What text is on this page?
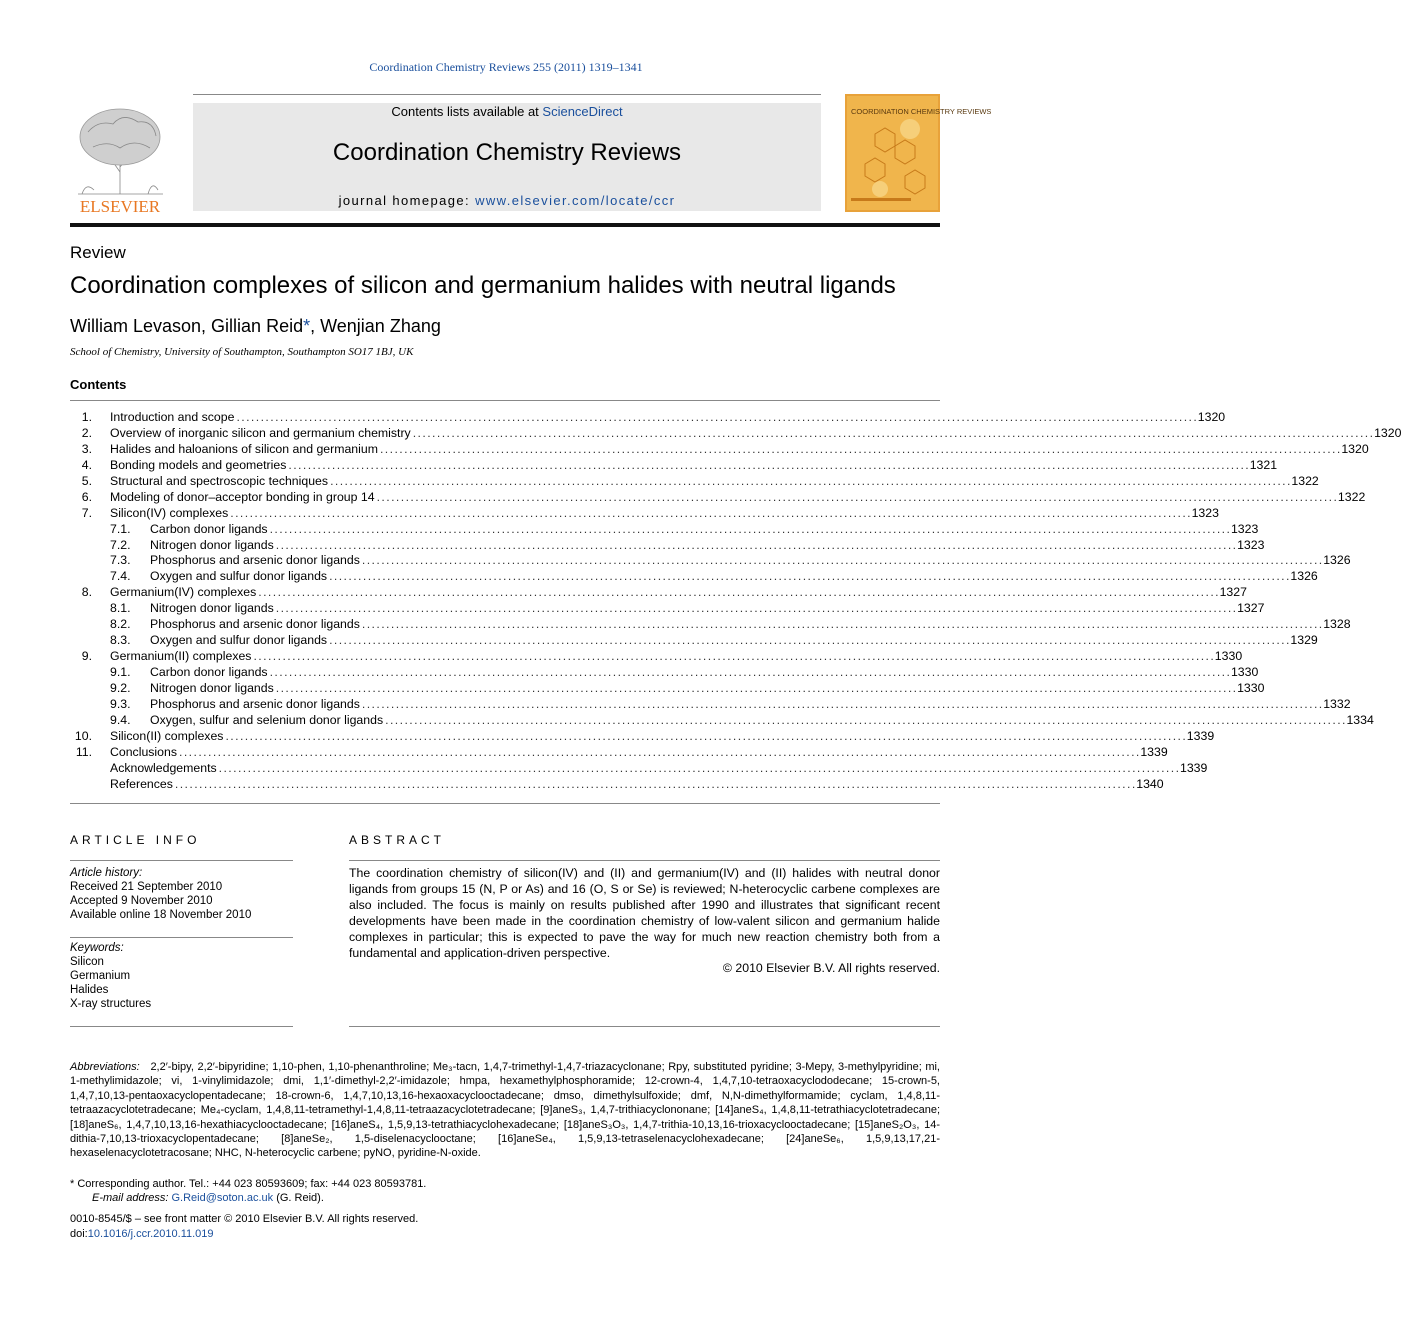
Coordination Chemistry Reviews 255 (2011) 1319–1341
ELSEVIER
Contents lists available at ScienceDirect
Coordination Chemistry Reviews
journal homepage: www.elsevier.com/locate/ccr
COORDINATION CHEMISTRY REVIEWS
Review
Coordination complexes of silicon and germanium halides with neutral ligands
William Levason, Gillian Reid*, Wenjian Zhang
School of Chemistry, University of Southampton, Southampton SO17 1BJ, UK
Contents
1. Introduction and scope . . .	1320
2. Overview of inorganic silicon and germanium chemistry . . .	1320
3. Halides and haloanions of silicon and germanium . . .	1320
4. Bonding models and geometries . . .	1321
5. Structural and spectroscopic techniques . . .	1322
6. Modeling of donor–acceptor bonding in group 14 . . .	1322
7. Silicon(IV) complexes . . .	1323
7.1. Carbon donor ligands . . .	1323
7.2. Nitrogen donor ligands . . .	1323
7.3. Phosphorus and arsenic donor ligands . . .	1326
7.4. Oxygen and sulfur donor ligands . . .	1326
8. Germanium(IV) complexes . . .	1327
8.1. Nitrogen donor ligands . . .	1327
8.2. Phosphorus and arsenic donor ligands . . .	1328
8.3. Oxygen and sulfur donor ligands . . .	1329
9. Germanium(II) complexes . . .	1330
9.1. Carbon donor ligands . . .	1330
9.2. Nitrogen donor ligands . . .	1330
9.3. Phosphorus and arsenic donor ligands . . .	1332
9.4. Oxygen, sulfur and selenium donor ligands . . .	1334
10. Silicon(II) complexes . . .	1339
11. Conclusions . . .	1339
Acknowledgements . . .	1339
References . . .	1340
ARTICLE INFO	ABSTRACT
Article history:
Received 21 September 2010
Accepted 9 November 2010
Available online 18 November 2010
Keywords:
Silicon
Germanium
Halides
X-ray structures
The coordination chemistry of silicon(IV) and (II) and germanium(IV) and (II) halides with neutral donor ligands from groups 15 (N, P or As) and 16 (O, S or Se) is reviewed; N-heterocyclic carbene complexes are also included. The focus is mainly on results published after 1990 and illustrates that significant recent developments have been made in the coordination chemistry of low-valent silicon and germanium halide complexes in particular; this is expected to pave the way for much new reaction chemistry both from a fundamental and application-driven perspective.
© 2010 Elsevier B.V. All rights reserved.
Abbreviations: 2,2′-bipy, 2,2′-bipyridine; 1,10-phen, 1,10-phenanthroline; Me₃-tacn, 1,4,7-trimethyl-1,4,7-triazacyclonane; Rpy, substituted pyridine; 3-Mepy, 3-methylpyridine; mi, 1-methylimidazole; vi, 1-vinylimidazole; dmi, 1,1′-dimethyl-2,2′-imidazole; hmpa, hexamethylphosphoramide; 12-crown-4, 1,4,7,10-tetraoxacyclododecane; 15-crown-5, 1,4,7,10,13-pentaoxacyclopentadecane; 18-crown-6, 1,4,7,10,13,16-hexaoxacyclooctadecane; dmso, dimethylsulfoxide; dmf, N,N-dimethylformamide; cyclam, 1,4,8,11-tetraazacyclotetradecane; Me₄-cyclam, 1,4,8,11-tetramethyl-1,4,8,11-tetraazacyclotetradecane; [9]aneS₃, 1,4,7-trithiacyclononane; [14]aneS₄, 1,4,8,11-tetrathiacyclotetradecane; [18]aneS₆, 1,4,7,10,13,16-hexathiacyclooctadecane; [16]aneS₄, 1,5,9,13-tetrathiacyclohexadecane; [18]aneS₃O₃, 1,4,7-trithia-10,13,16-trioxacyclooctadecane; [15]aneS₂O₃, 14-dithia-7,10,13-trioxacyclopentadecane; [8]aneSe₂, 1,5-diselenacyclooctane; [16]aneSe₄, 1,5,9,13-tetraselenacyclohexadecane; [24]aneSe₆, 1,5,9,13,17,21-hexaselenacyclotetracosane; NHC, N-heterocyclic carbene; pyNO, pyridine-N-oxide.
* Corresponding author. Tel.: +44 023 80593609; fax: +44 023 80593781.
E-mail address: G.Reid@soton.ac.uk (G. Reid).
0010-8545/$ – see front matter © 2010 Elsevier B.V. All rights reserved.
doi:10.1016/j.ccr.2010.11.019
